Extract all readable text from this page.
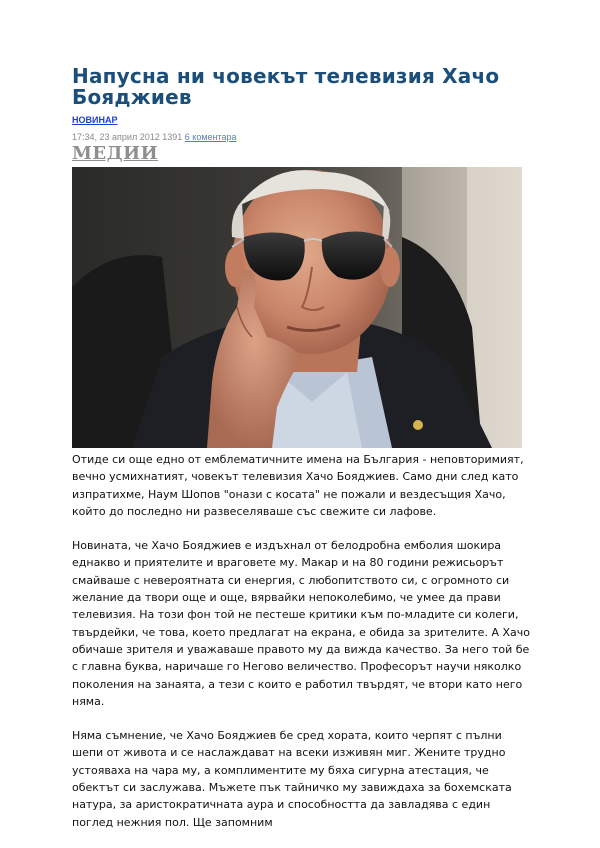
Напусна ни човекът телевизия Хачо Бояджиев
НОВИНАР
17:34, 23 април 2012 1391 6 коментара
МЕДИИ

Отиде си още едно от емблематичните имена на България - неповторимият, вечно усмихнатият, човекът телевизия Хачо Бояджиев. Само дни след като изпратихме, Наум Шопов "онази с косата" не пожали и вездесъщия Хачо, който до последно ни развеселяваше със свежите си лафове.

Новината, че Хачо Бояджиев е издъхнал от белодробна емболия шокира еднакво и приятелите и враговете му. Макар и на 80 години режисьорът смайваше с невероятната си енергия, с любопитството си, с огромното си желание да твори още и още, вярвайки непоколебимо, че умее да прави телевизия. На този фон той не пестеше критики към по-младите си колеги, твърдейки, че това, което предлагат на екрана, е обида за зрителите. А Хачо обичаше зрителя и уважаваше правото му да вижда качество. За него той бе с главна буква, наричаше го Негово величество. Професорът научи няколко поколения на занаята, а тези с които е работил твърдят, че втори като него няма.

Няма съмнение, че Хачо Бояджиев бе сред хората, които черпят с пълни шепи от живота и се наслаждават на всеки изживян миг. Жените трудно устояваха на чара му, а комплиментите му бяха сигурна атестация, че обектът си заслужава. Мъжете пък тайничко му завиждаха за бохемската натура, за аристократичната аура и способността да завладява с един поглед нежния пол. Ще запомним
